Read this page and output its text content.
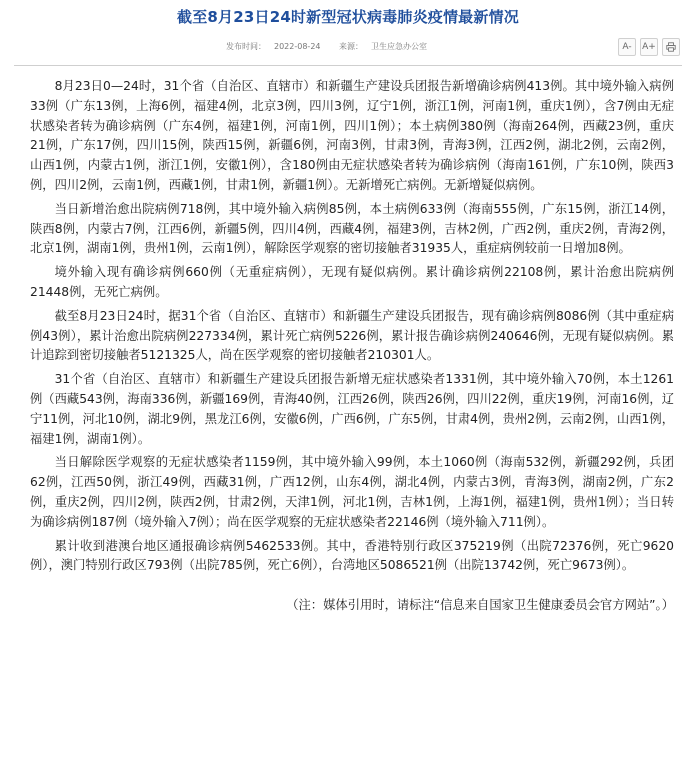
截至8月23日24时新型冠状病毒肺炎疫情最新情况
发布时间： 2022-08-24 来源： 卫生应急办公室	A- A+

8月23日0—24时，31个省（自治区、直辖市）和新疆生产建设兵团报告新增确诊病例413例。其中境外输入病例33例（广东13例，上海6例，福建4例，北京3例，四川3例，辽宁1例，浙江1例，河南1例，重庆1例），含7例由无症状感染者转为确诊病例（广东4例，福建1例，河南1例，四川1例）；本土病例380例（海南264例，西藏23例，重庆21例，广东17例，四川15例，陕西15例，新疆6例，河南3例，甘肃3例，青海3例，江西2例，湖北2例，云南2例，山西1例，内蒙古1例，浙江1例，安徽1例），含180例由无症状感染者转为确诊病例（海南161例，广东10例，陕西3例，四川2例，云南1例，西藏1例，甘肃1例，新疆1例）。无新增死亡病例。无新增疑似病例。

当日新增治愈出院病例718例，其中境外输入病例85例，本土病例633例（海南555例，广东15例，浙江14例，陕西8例，内蒙古7例，江西6例，新疆5例，四川4例，西藏4例，福建3例，吉林2例，广西2例，重庆2例，青海2例，北京1例，湖南1例，贵州1例，云南1例），解除医学观察的密切接触者31935人，重症病例较前一日增加8例。

境外输入现有确诊病例660例（无重症病例），无现有疑似病例。累计确诊病例22108例，累计治愈出院病例21448例，无死亡病例。

截至8月23日24时，据31个省（自治区、直辖市）和新疆生产建设兵团报告，现有确诊病例8086例（其中重症病例43例），累计治愈出院病例227334例，累计死亡病例5226例，累计报告确诊病例240646例，无现有疑似病例。累计追踪到密切接触者5121325人，尚在医学观察的密切接触者210301人。

31个省（自治区、直辖市）和新疆生产建设兵团报告新增无症状感染者1331例，其中境外输入70例，本土1261例（西藏543例，海南336例，新疆169例，青海40例，江西26例，陕西26例，四川22例，重庆19例，河南16例，辽宁11例，河北10例，湖北9例，黑龙江6例，安徽6例，广西6例，广东5例，甘肃4例，贵州2例，云南2例，山西1例，福建1例，湖南1例）。

当日解除医学观察的无症状感染者1159例，其中境外输入99例，本土1060例（海南532例，新疆292例，兵团62例，江西50例，浙江49例，西藏31例，广西12例，山东4例，湖北4例，内蒙古3例，青海3例，湖南2例，广东2例，重庆2例，四川2例，陕西2例，甘肃2例，天津1例，河北1例，吉林1例，上海1例，福建1例，贵州1例）；当日转为确诊病例187例（境外输入7例）；尚在医学观察的无症状感染者22146例（境外输入711例）。

累计收到港澳台地区通报确诊病例5462533例。其中，香港特别行政区375219例（出院72376例，死亡9620例），澳门特别行政区793例（出院785例，死亡6例），台湾地区5086521例（出院13742例，死亡9673例）。

（注：媒体引用时，请标注“信息来自国家卫生健康委员会官方网站”。）
